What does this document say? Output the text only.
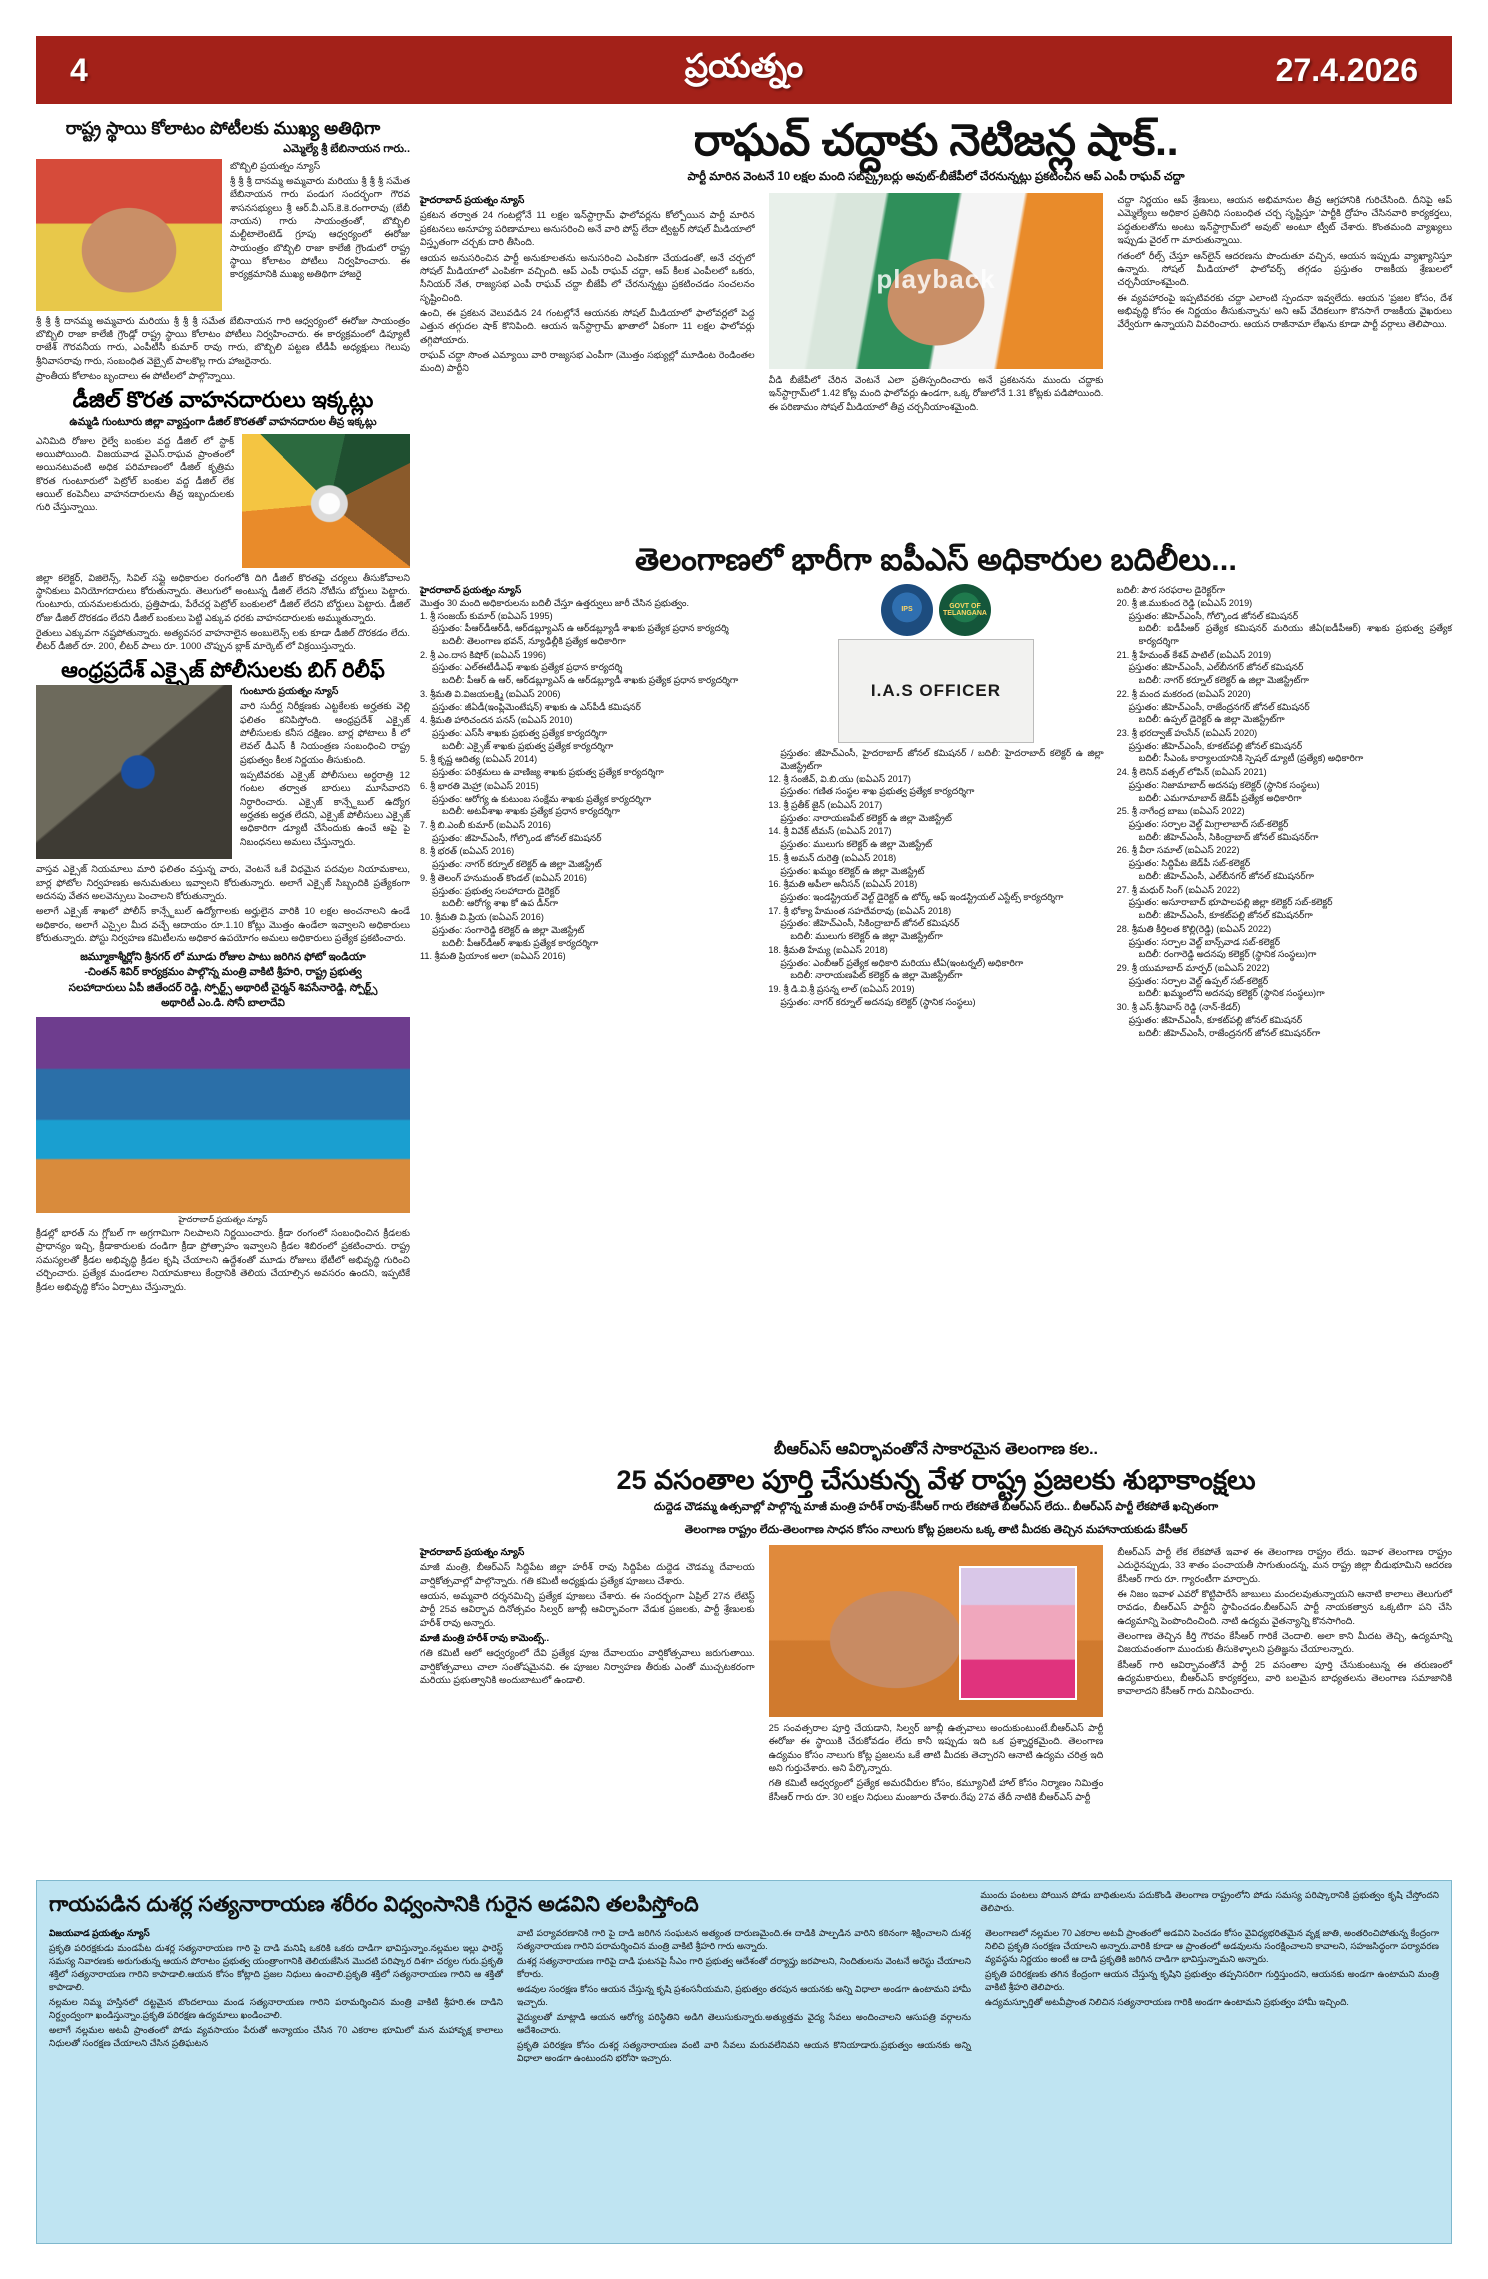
4	ప్రయత్నం	27.4.2026
రాష్ట్ర స్థాయి కోలాటం పోటీలకు ముఖ్య అతిథిగా
ఎమ్మెల్యే శ్రీ బేబినాయన గారు..

బొబ్బిలి ప్రయత్నం న్యూస్

శ్రీ శ్రీ శ్రీ దానమ్మ అమ్మవారు మరియు శ్రీ శ్రీ శ్రీ సమేత బేబినాయన గారు పండుగ సందర్భంగా గౌరవ శాసనసభ్యులు శ్రీ ఆర్.వీ.ఎస్.కె.కె.రంగారావు (బేబీ నాయన) గారు సాయంత్రంతో, బొబ్బిలి మల్టీటాలెంటెడ్ గ్రూపు ఆధ్వర్యంలో ఈరోజు సాయంత్రం బొబ్బిలి రాజా కాలేజీ గ్రౌండులో రాష్ట్ర స్థాయి కోలాటం పోటీలు నిర్వహించారు. ఈ కార్యక్రమానికి ముఖ్య అతిథిగా హాజరై

శ్రీ శ్రీ శ్రీ దానమ్మ అమ్మవారు మరియు శ్రీ శ్రీ శ్రీ సమేత బేబినాయన గారి ఆధ్వర్యంలో ఈరోజు సాయంత్రం బొబ్బిలి రాజా కాలేజీ గ్రౌండ్లో రాష్ట్ర స్థాయి కోలాటం పోటీలు నిర్వహించారు. ఈ కార్యక్రమంలో డిప్యూటీ రాజేశ్ గౌరవనీయ గారు, ఎంపీటీసీ కుమార్ రావు గారు, బొబ్బిలి పట్టణ టీడీపీ అధ్యక్షులు గెలుపు శ్రీనివాసరావు గారు, సంబంధిత వెబ్సైట్ పాలకొల్ల గారు హాజరైనారు.

ప్రాంతీయ కోలాటం బృందాలు ఈ పోటీలలో పాల్గొన్నాయి.

డీజిల్ కొరత వాహనదారులు ఇక్కట్లు
ఉమ్మడి గుంటూరు జిల్లా వ్యాప్తంగా డీజిల్ కొరతతో వాహనదారుల తీవ్ర ఇక్కట్లు

ఎనిమిది రోజుల రైల్వే బంకుల వద్ద డీజిల్ లో స్టాక్ అయిపోయింది. విజయవాడ వైఎస్.రాఘవ ప్రాంతంలో అయినటువంటి అధిక పరిమాణంలో డీజిల్ కృత్రిమ కొరత గుంటూరులో పెట్రోల్ బంకుల వద్ద డీజిల్ లేక ఆయిల్ కంపెనీలు వాహనదారులను తీవ్ర ఇబ్బందులకు గురి చేస్తున్నాయి.

జిల్లా కలెక్టర్, విజిలెన్స్, సివిల్ సప్లై అధికారుల రంగంలోకి దిగి డీజిల్ కొరతపై చర్యలు తీసుకోవాలని స్థానికులు వినియోగదారులు కోరుతున్నారు. తెలుగులో అంటున్న డీజిల్ లేదని నోటీసు బోర్డులు పెట్టారు. గుంటూరు, యనమలకుదురు, ప్రత్తిపాడు, పేరేచర్ల పెట్రోల్ బంకులలో డీజిల్ లేదని బోర్డులు పెట్టారు. డీజిల్ రోజు డీజిల్ దొరకడం లేదని డీజిల్ బంకులు పెట్టి ఎక్కువ ధరకు వాహనదారులకు అమ్ముతున్నారు.

రైతులు ఎక్కువగా నష్టపోతున్నారు. అత్యవసర వాహనాలైన అంబులెన్స్ లకు కూడా డీజిల్ దొరకడం లేదు. లీటర్ డీజిల్ రూ. 200, లీటర్ పాలు రూ. 1000 చొప్పున బ్లాక్ మార్కెట్ లో విక్రయిస్తున్నారు.

ఆంధ్రప్రదేశ్ ఎక్సైజ్ పోలీసులకు బిగ్ రిలీఫ్
గుంటూరు ప్రయత్నం న్యూస్

వారి సుదీర్ఘ నిరీక్షణకు ఎట్టకేలకు అర్హతకు వెల్లి ఫలితం కనిపిస్తోంది. ఆంధ్రప్రదేశ్ ఎక్సైజ్ పోలీసులకు కనీస దక్షిణం. బార్ల ఫోటాలు కీ లో లెవల్ డీఎస్ కీ నియంత్రణ సంబంధించి రాష్ట్ర ప్రభుత్వం కీలక నిర్ణయం తీసుకుంది.

ఇప్పటివరకు ఎక్సైజ్ పోలీసులు అర్ధరాత్రి 12 గంటల తర్వాత బారులు మూసేవారని నిర్ధారించారు. ఎక్సైజ్ కాన్స్టేబుల్ ఉద్యోగ అర్హతకు అర్హత లేదని, ఎక్సైజ్ పోలీసులు ఎక్సైజ్ అధికారిగా డ్యూటీ చేసేందుకు ఉంచే ఆపై పై నిబంధనలు అమలు చేస్తున్నారు.

వాస్తవ ఎక్సైజ్ నియమాలు మారి ఫలితం వస్తున్న వారు, వెంటనే ఒకే విధమైన పదవుల నియామకాలు, బార్ల ఫోటోల నిర్వహణకు అనుమతులు ఇవ్వాలని కోరుతున్నారు. అలాగే ఎక్సైజ్ సిబ్బందికి ప్రత్యేకంగా అదనపు వేతన అలవెన్సులు పెంచాలని కోరుతున్నారు.

అలాగే ఎక్సైజ్ శాఖలో పోలీస్ కాన్స్టేబుల్ ఉద్యోగాలకు అర్హులైన వారికి 10 లక్షల అంచనాలని ఉండే అధికారం, అలాగే ఎస్సైల మీద వచ్చే ఆదాయం రూ.1.10 కోట్లు మొత్తం ఉండేలా ఇవ్వాలని అధికారులు కోరుతున్నారు. పోస్టు నిర్వహణ కమిటీలను అధికార ఉపయోగం అమలు అధికారులు ప్రత్యేక ప్రకటించారు.

జమ్మూకాశ్మీర్లోని శ్రీనగర్ లో మూడు రోజుల పాటు జరిగిన ఫోటో ఇండియా
-చింతన్ శివిర్ కార్యక్రమం పాల్గొన్న మంత్రి వాకిటి శ్రీహరి, రాష్ట్ర ప్రభుత్వ
సలహాదారులు ఏపీ జితేందర్ రెడ్డి, స్పోర్ట్స్ అథారిటీ చైర్మన్ శివసేనారెడ్డి, స్పోర్ట్స్
అథారిటీ ఎం.డి. సోనీ బాలాదేవి
హైదరాబాద్ ప్రయత్నం న్యూస్

క్రీడల్లో భారత్ ను గ్లోబల్ గా అగ్రగామిగా నిలపాలని నిర్ణయించారు. క్రీడా రంగంలో సంబంధించిన క్రీడలకు ప్రాధాన్యం ఇచ్చి, క్రీడాకారులకు దండిగా క్రీడా ప్రోత్సాహం ఇవ్వాలని క్రీడల శిబిరంలో ప్రకటించారు. రాష్ట్ర సమస్యలతో క్రీడల అభివృద్ధి క్రీడల కృషి చేయాలని ఉద్దేశంతో మూడు రోజులు భేటీలో అభివృద్ధి గురించి చర్చించారు. ప్రత్యేక మండలాల నియామకాలు కేంద్రానికి తెలియ చేయాల్సిన అవసరం ఉందని, ఇప్పటికే క్రీడల అభివృద్ధి కోసం ఏర్పాటు చేస్తున్నారు.

రాఘవ్ చద్దాకు నెటిజన్ల షాక్..
పార్టీ మారిన వెంటనే 10 లక్షల మంది సబ్‌స్క్రైబర్లు అవుట్-బీజేపీలో చేరనున్నట్లు ప్రకటించిన ఆప్ ఎంపీ రాఘవ్ చద్దా

హైదరాబాద్ ప్రయత్నం న్యూస్

ప్రకటన తర్వాత 24 గంటల్లోనే 11 లక్షల ఇన్‌స్టాగ్రామ్ ఫాలోవర్లను కోల్పోయిన పార్టీ మారిన ప్రకటనలు అనూహ్య పరిణామాలు అనుసరించి అనే వారి పోస్ట్ లేదా ట్విట్టర్ సోషల్ మీడియాలో విస్తృతంగా చర్చకు దారి తీసింది.

ఆయన అనుసరించిన పార్టీ అనుకూలతను అనుసరించి ఎంపికగా చేయడంతో, అనే చర్చలో సోషల్ మీడియాలో ఎంపికగా వచ్చింది. ఆప్ ఎంపీ రాఘవ్ చద్దా, ఆప్ కీలక ఎంపీలలో ఒకరు, సీనియర్ నేత, రాజ్యసభ ఎంపీ రాఘవ్ చద్దా బీజేపీ లో చేరనున్నట్టు ప్రకటించడం సంచలనం సృష్టించింది.

ఉంచి, ఈ ప్రకటన వెలువడిన 24 గంటల్లోనే ఆయనకు సోషల్ మీడియాలో ఫాలోవర్లలో పెద్ద ఎత్తున తగ్గుదల షాక్ కొనిపింది. ఆయన ఇన్‌స్టాగ్రామ్ ఖాతాలో ఏకంగా 11 లక్షల ఫాలోవర్లు తగ్గిపోయారు.

రాఘవ్ చద్దా సొంత ఎమ్యాయి వారి రాజ్యసభ ఎంపీగా (మొత్తం సభ్యుల్లో మూడింట రెండింతల మంది) పార్టీని

playback

వీడి బీజేపీలో చేరిన వెంటనే ఎలా ప్రతిస్పందించారు అనే ప్రకటనను ముందు చద్దాకు ఇన్‌స్టాగ్రామ్‌లో 1.42 కోట్ల మంది ఫాలోవర్లు ఉండగా, ఒక్క రోజులోనే 1.31 కోట్లకు పడిపోయింది. ఈ పరిణామం సోషల్ మీడియాలో తీవ్ర చర్చనీయాంశమైంది.

చద్దా నిర్ణయం ఆప్ శ్రేణులు, ఆయన అభిమానుల తీవ్ర ఆగ్రహానికి గురిచేసింది. దీనిపై ఆప్ ఎమ్మెల్యేలు అధికార ప్రతినిధి సంబంధిత చర్చ సృష్టిస్తూ 'పార్టీకి ద్రోహం చేసినవారి కార్యకర్తలు, పద్ధతులతోను అంటు ఇన్‌స్టాగ్రామ్‌లో అవుట్' అంటూ ట్వీట్ చేశారు. కొంతమంది వ్యాఖ్యలు ఇప్పుడు వైరల్ గా మారుతున్నాయి.

గతంలో రీల్స్ చేస్తూ ఆన్‌లైన్ ఆదరణను పొందుతూ వచ్చిన, ఆయన ఇప్పుడు వ్యాఖ్యానిస్తూ ఉన్నారు. సోషల్ మీడియాలో ఫాలోవర్స్ తగ్గడం ప్రస్తుతం రాజకీయ శ్రేణులలో చర్చనీయాంశమైంది.

ఈ వ్యవహారంపై ఇప్పటివరకు చద్దా ఎలాంటి స్పందనా ఇవ్వలేదు. ఆయన 'ప్రజల కోసం, దేశ అభివృద్ధి కోసం ఈ నిర్ణయం తీసుకున్నాను' అని ఆప్ వేదికలుగా కొనసాగే రాజకీయ వైఖరులు వేర్వేరుగా ఉన్నాయని వివరించారు. ఆయన రాజీనామా లేఖను కూడా పార్టీ వర్గాలు తెలిపాయి.

తెలంగాణలో భారీగా ఐపీఎస్ అధికారుల బదిలీలు...
హైదరాబాద్ ప్రయత్నం న్యూస్
మొత్తం 30 మంది అధికారులను బదిలీ చేస్తూ ఉత్తర్వులు జారీ చేసిన ప్రభుత్వం.
1. శ్రీ సంజయ్ కుమార్ (ఐఏఎస్ 1995)
ప్రస్తుతం: పీఆర్‌డీఆర్‌డీ, ఆర్‌డబ్ల్యూఎస్ ఉ ఆర్‌డబ్ల్యూడీ శాఖకు ప్రత్యేక ప్రధాన కార్యదర్శి
బదిలీ: తెలంగాణ భవన్, న్యూఢిల్లీకి ప్రత్యేక అధికారిగా
2. శ్రీ ఎం.దాస కిషోర్ (ఐఏఎస్ 1996)
ప్రస్తుతం: ఎల్‌ఈటీడీఎఫ్ శాఖకు ప్రత్యేక ప్రధాన కార్యదర్శి
బదిలీ: పీఆర్ ఉ ఆర్, ఆర్‌డబ్ల్యూఎస్ ఉ ఆర్‌డబ్ల్యూడీ శాఖకు ప్రత్యేక ప్రధాన కార్యదర్శిగా
3. శ్రీమతి వి.విజయలక్ష్మి (ఐఏఎస్ 2006)
ప్రస్తుతం: జీఏడీ(ఇంప్లిమెంటేషన్) శాఖకు ఉ ఎస్‌పీడీ కమిషనర్
4. శ్రీమతి హారిచందన పనస్ (ఐఏఎస్ 2010)
ప్రస్తుతం: ఎస్‌సీ శాఖకు ప్రభుత్వ ప్రత్యేక కార్యదర్శిగా
బదిలీ: ఎక్సైజ్ శాఖకు ప్రభుత్వ ప్రత్యేక కార్యదర్శిగా
5. శ్రీ కృష్ణ ఆదిత్య (ఐఏఎస్ 2014)
ప్రస్తుతం: పరిశ్రమలు ఉ వాణిజ్య శాఖకు ప్రభుత్వ ప్రత్యేక కార్యదర్శిగా
6. శ్రీ భారతి మెహ్రా (ఐఏఎస్ 2015)
ప్రస్తుతం: ఆరోగ్య ఉ కుటుంబ సంక్షేమ శాఖకు ప్రత్యేక కార్యదర్శిగా
బదిలీ: అటవీశాఖ శాఖకు ప్రత్యేక ప్రధాన కార్యదర్శిగా
7. శ్రీ బి.ఎంబీ కుమార్ (ఐఏఎస్ 2016)
ప్రస్తుతం: జీహెచ్‌ఎంసీ, గోల్కొండ జోనల్ కమిషనర్
8. శ్రీ భరత్ (ఐఏఎస్ 2016)
ప్రస్తుతం: నాగర్ కర్నూల్ కలెక్టర్ ఉ జిల్లా మెజిస్ట్రేట్
9. శ్రీ తెలంగ్ హనుమంత్ కొండల్ (ఐఏఎస్ 2016)
ప్రస్తుతం: ప్రభుత్వ సలహాదారు డైరెక్టర్
బదిలీ: ఆరోగ్య శాఖ కో ఉప డీన్‌గా
10. శ్రీమతి వి.ప్రియ (ఐఏఎస్ 2016)
ప్రస్తుతం: సంగారెడ్డి కలెక్టర్ ఉ జిల్లా మెజిస్ట్రేట్
బదిలీ: పీఆర్‌డీఆర్ శాఖకు ప్రత్యేక కార్యదర్శిగా
11. శ్రీమతి ప్రియాంక అలా (ఐఏఎస్ 2016)
IPS
GOVT OF TELANGANA
I.A.S OFFICER
ప్రస్తుతం: జీహెచ్‌ఎంసీ, హైదరాబాద్ జోనల్ కమిషనర్ / బదిలీ: హైదరాబాద్ కలెక్టర్ ఉ జిల్లా మెజిస్ట్రేట్‌గా
12. శ్రీ సంజీవ్, వి.బి.యు (ఐఏఎస్ 2017)
ప్రస్తుతం: గణిత సంస్థల శాఖ ప్రభుత్వ ప్రత్యేక కార్యదర్శిగా
13. శ్రీ ప్రతీక్ జైన్ (ఐఏఎస్ 2017)
ప్రస్తుతం: నారాయణపేట్ కలెక్టర్ ఉ జిల్లా మెజిస్ట్రేట్
14. శ్రీ వివేక్ టీమస్ (ఐఏఎస్ 2017)
ప్రస్తుతం: ములుగు కలెక్టర్ ఉ జిల్లా మెజిస్ట్రేట్
15. శ్రీ అమన్ దురెత్తి (ఐఏఎస్ 2018)
ప్రస్తుతం: ఖమ్మం కలెక్టర్ ఉ జిల్లా మెజిస్ట్రేట్
16. శ్రీమతి అపీలా అనీసన్ (ఐఏఎస్ 2018)
ప్రస్తుతం: ఇండస్ట్రియల్ వెల్ట్ డైరెక్టర్ ఉ టోర్క్ ఆఫ్ ఇండస్ట్రియల్ ఎస్టేట్స్ కార్యదర్శిగా
17. శ్రీ భోక్యా హేమంత సహదేవరావు (ఐఏఎస్ 2018)
ప్రస్తుతం: జీహెచ్‌ఎంసీ, సికింద్రాబాద్ జోనల్ కమిషనర్
బదిలీ: ములుగు కలెక్టర్ ఉ జిల్లా మెజిస్ట్రేట్‌గా
18. శ్రీమతి హేమ్య (ఐఏఎస్ 2018)
ప్రస్తుతం: ఎంబీఆర్ ప్రత్యేక అధికారి మరియు టీఏ(ఇంటర్నల్) అధికారిగా
బదిలీ: నారాయణపేట్ కలెక్టర్ ఉ జిల్లా మెజిస్ట్రేట్‌గా
19. శ్రీ డి.వి.శ్రీ ప్రసన్న లాల్ (ఐఏఎస్ 2019)
ప్రస్తుతం: నాగర్ కర్నూల్ అదనపు కలెక్టర్ (స్థానిక సంస్థలు)
బదిలీ: పౌర సరఫరాల డైరెక్టర్‌గా
20. శ్రీ జి.ముకుంద రెడ్డి (ఐఏఎస్ 2019)
ప్రస్తుతం: జీహెచ్‌ఎంసీ, గోల్కొండ జోనల్ కమిషనర్
బదిలీ: ఐడీపీఆర్ ప్రత్యేక కమిషనర్ మరియు జీఏ(ఐడీపీఆర్) శాఖకు ప్రభుత్వ ప్రత్యేక కార్యదర్శిగా
21. శ్రీ హేమంత్ కేశవ్ పాటిల్ (ఐఏఎస్ 2019)
ప్రస్తుతం: జీహెచ్‌ఎంసీ, ఎల్‌బీనగర్ జోనల్ కమిషనర్
బదిలీ: నాగర్ కర్నూల్ కలెక్టర్ ఉ జిల్లా మెజిస్ట్రేట్‌గా
22. శ్రీ మంద మకరంద (ఐఏఎస్ 2020)
ప్రస్తుతం: జీహెచ్‌ఎంసీ, రాజేంద్రనగర్ జోనల్ కమిషనర్
బదిలీ: ఉప్పల్ డైరెక్టర్ ఉ జిల్లా మెజిస్ట్రేట్‌గా
23. శ్రీ భరద్వాజ్ హుసేన్ (ఐఏఎస్ 2020)
ప్రస్తుతం: జీహెచ్‌ఎంసీ, కూకట్‌పల్లి జోనల్ కమిషనర్
బదిలీ: సీఎంఓ కార్యాలయానికి స్పెషల్ డ్యూటీ (ప్రత్యేక) అధికారిగా
24. శ్రీ లెనిన్ వత్సల్ లోపిన్ (ఐఏఎస్ 2021)
ప్రస్తుతం: నిజామాబాద్ అదనపు కలెక్టర్ (స్థానిక సంస్థలు)
బదిలీ: ఎమగామాబాద్ జెడ్‌పీ ప్రత్యేక అధికారిగా
25. శ్రీ నాగేంద్ర బాబు (ఐఏఎస్ 2022)
ప్రస్తుతం: సర్పాల వెల్ట్ మిగ్రాలాబాద్ సబ్-కలెక్టర్
బదిలీ: జీహెచ్‌ఎంసీ, సికింద్రాబాద్ జోనల్ కమిషనర్‌గా
26. శ్రీ వీరా సమాల్ (ఐఏఎస్ 2022)
ప్రస్తుతం: సిద్దిపేట జెడ్‌పీ సబ్-కలెక్టర్
బదిలీ: జీహెచ్‌ఎంసీ, ఎల్‌బీనగర్ జోనల్ కమిషనర్‌గా
27. శ్రీ మధుర్ సింగ్ (ఐఏఎస్ 2022)
ప్రస్తుతం: అసూరాబాద్ భూపాలపల్లి జిల్లా కలెక్టర్ సబ్-కలెక్టర్
బదిలీ: జీహెచ్‌ఎంసీ, కూకట్‌పల్లి జోనల్ కమిషనర్‌గా
28. శ్రీమతి కీర్తిలత కొల్లి(రెడ్డి) (ఐఏఎస్ 2022)
ప్రస్తుతం: సర్పాల వెల్ట్ బాన్స్‌వాడ సబ్-కలెక్టర్
బదిలీ: రంగారెడ్డి అదనపు కలెక్టర్ (స్థానిక సంస్థలు)గా
29. శ్రీ యుమాబాద్ మార్ఫర్ (ఐఏఎస్ 2022)
ప్రస్తుతం: సర్పాల వెల్ట్ ఉప్పల్ సబ్-కలెక్టర్
బదిలీ: ఖమ్మంలోని అదనపు కలెక్టర్ (స్థానిక సంస్థలు)గా
30. శ్రీ ఎస్.శ్రీనివాస్ రెడ్డి (నాన్-కేడర్)
ప్రస్తుతం: జీహెచ్‌ఎంసీ, కూకట్‌పల్లి జోనల్ కమిషనర్
బదిలీ: జీహెచ్‌ఎంసీ, రాజేంద్రనగర్ జోనల్ కమిషనర్‌గా
బీఆర్ఎస్ ఆవిర్భావంతోనే సాకారమైన తెలంగాణ కల..
25 వసంతాల పూర్తి చేసుకున్న వేళ రాష్ట్ర ప్రజలకు శుభాకాంక్షలు
దుద్దెడ చౌడమ్మ ఉత్సవాల్లో పాల్గొన్న మాజీ మంత్రి హరీశ్ రావు-కేసీఆర్ గారు లేకపోతే బీఆర్ఎస్ లేదు.. బీఆర్ఎస్ పార్టీ లేకపోతే ఖచ్చితంగా
తెలంగాణ రాష్ట్రం లేదు-తెలంగాణ సాధన కోసం నాలుగు కోట్ల ప్రజలను ఒక్క తాటి మీదకు తెచ్చిన మహానాయకుడు కేసీఆర్

హైదరాబాద్ ప్రయత్నం న్యూస్

మాజీ మంత్రి, బీఆర్ఎస్ సిద్దిపేట జిల్లా హరీశ్ రావు సిద్దిపేట దుద్దెడ చౌడమ్మ దేవాలయ వార్షికోత్సవాల్లో పాల్గొన్నారు. గతి కమిటీ అధ్యక్షుడు ప్రత్యేక పూజలు చేశారు.

ఆయన, అమ్మవారి దర్శనమిచ్చి ప్రత్యేక పూజలు చేశారు. ఈ సందర్భంగా ఏప్రిల్ 27న లేటెస్ట్ పార్టీ 25వ ఆవిర్భావ దినోత్సవం సిల్వర్ జూబ్లీ ఆవిర్భావంగా వేడుక ప్రజలకు, పార్టీ శ్రేణులకు హరీశ్ రావు అన్నారు.

మాజీ మంత్రి హరీశ్ రావు కామెంట్స్..

గతి కమిటీ ఆలో ఆధ్వర్యంలో దేవి ప్రత్యేక పూజ దేవాలయం వార్షికోత్సవాలు జరుగుతాయి. వార్షికోత్సవాలు చాలా సంతోషమైనవి. ఈ పూజల నిర్వాహణ తీరుకు ఎంతో ముచ్చటకరంగా మరియు ప్రభుత్వానికి అందుబాటులో ఉండాలి.

25 సంవత్సరాల పూర్తి చేయడాని, సిల్వర్ జూబ్లీ ఉత్సవాలు అందుకుంటుంటే.బీఆర్ఎస్ పార్టీ ఈరోజు ఈ స్థాయికి చేరుకోవడం లేదు కానీ ఇప్పుడు ఇది ఒక ప్రశ్నార్థకమైంది. తెలంగాణ ఉద్యమం కోసం నాలుగు కోట్ల ప్రజలను ఒకే తాటి మీదకు తెచ్చారని ఆనాటి ఉద్యమ చరిత్ర ఇది అని గుర్తుచేశారు. అని పేర్కొన్నారు.

గతి కమిటీ ఆధ్వర్యంలో ప్రత్యేక అమరవీరుల కోసం, కమ్యూనిటీ హాల్ కోసం నిర్మాణం నిమిత్తం కేసీఆర్ గారు రూ. 30 లక్షల నిధులు మంజూరు చేశారు.రేపు 27వ తేదీ నాటికి బీఆర్ఎస్ పార్టీ

బీఆర్ఎస్ పార్టీ లేక లేకపోతే ఇవాళ ఈ తెలంగాణ రాష్ట్రం లేదు. ఇవాళ తెలంగాణ రాష్ట్రం ఎదురైనప్పుడు, 33 శాతం పంచాయతీ సాగుతుందన్న, మన రాష్ట్ర జిల్లా బీడుభూమిని ఆదరణ కేసీఆర్ గారు రూ. గ్యారంటీగా మార్చారు.

ఈ నిజం ఇవాళ ఎవరో కొట్టిపారేసే జాబులు మందలవుతున్నాయని ఆనాటి కాలాలు తెలుగులో రావడం, బీఆర్ఎస్ పార్టీని స్థాపించడం.బీఆర్ఎస్ పార్టీ నాయకత్వాన ఒక్కటిగా పని చేసి ఉద్యమాన్ని పెంపొందించింది. నాటి ఉద్యమ వైతన్యాన్ని కొనసాగింది.

తెలంగాణ తెచ్చిన కీర్తి గౌరవం కేసీఆర్ గారికే చెందాలి. అలా కాని మీదట తెచ్చి, ఉద్యమాన్ని విజయవంతంగా ముందుకు తీసుకెళ్ళాలని ప్రతిజ్ఞను చేయాలన్నారు.

కేసీఆర్ గారి ఆవిర్భావంతోనే పార్టీ 25 వసంతాల పూర్తి చేసుకుంటున్న ఈ తరుణంలో ఉద్యమకారులు, బీఆర్ఎస్ కార్యకర్తలు, వారి బలమైన బాధ్యతలను తెలంగాణ సమాజానికి కావాలాదని కేసీఆర్ గారు వినిపించారు.

గాయపడిన దుశర్ల సత్యనారాయణ శరీరం విధ్వంసానికి గురైన అడవిని తలపిస్తోంది	ముందు పంటలు పోయిన పోడు బాధితులను పదుకొండి తెలంగాణ రాష్ట్రంలోని పోడు సమస్య పరిష్కారానికి ప్రభుత్వం కృషి చేస్తోందని తెలిపారు.

విజయవాడ ప్రయత్నం న్యూస్

ప్రకృతి పరిరక్షకుడు మండపేట దుశర్ల సత్యనారాయణ గారి పై దాడి మనిషి ఒకరికి ఒకరు దాడిగా భావిస్తున్నాం.నల్లమల ఇల్లు ఫారెస్ట్ సమస్య నివారణకు అరుగుతున్న ఆయన పోరాటం ప్రభుత్వ యంత్రాంగానికి తెలియజేసిన మొదటి పరిష్కార దిశగా చర్యల గురు.ప్రకృతి శక్తిలో సత్యనారాయణ గారిని కాపాడాలి.ఆయన కోసం కోట్లాది ప్రజల నిధులు ఉంచాలి.ప్రకృతి శక్తిలో సత్యనారాయణ గారిని ఆ శక్తితో కాపాడాలి.

నల్లమల నిమ్మ హస్తినలో దట్టమైన బొందలాయి మండ సత్యనారాయణ గారిని పరామర్శించిన మంత్రి వాకిటి శ్రీహరి.ఈ దాడిని నిర్ద్వంద్వంగా ఖండిస్తున్నాం.ప్రకృతి పరిరక్షణ ఉద్యమాలు ఖండించాలి.

అలాగే నల్లమల అటవీ ప్రాంతంలో పోడు వ్యవసాయం పేరుతో అన్యాయం చేసిన 70 ఎకరాల భూమిలో మన మహావృక్ష కాలాలు నిధులతో సంరక్షణ చేయాలని చేసిన ప్రతిఘటన

వాటి పర్యావరణానికి గారి పై దాడి జరిగిన సంఘటన అత్యంత దారుణమైంది.ఈ దాడికి పాల్పడిన వారిని కఠినంగా శిక్షించాలని దుశర్ల సత్యనారాయణ గారిని పరామర్శించిన మంత్రి వాకిటి శ్రీహరి గారు అన్నారు.

దుశర్ల సత్యనారాయణ గారిపై దాడి ఘటనపై సీఎం గారి ప్రభుత్వ ఆదేశంతో దర్యాప్తు జరపాలని, నిందితులను వెంటనే అరెస్టు చేయాలని కోరారు.

అడవుల సంరక్షణ కోసం ఆయన చేస్తున్న కృషి ప్రశంసనీయమని, ప్రభుత్వం తరపున ఆయనకు అన్ని విధాలా అండగా ఉంటామని హామీ ఇచ్చారు.

వైద్యులతో మాట్లాడి ఆయన ఆరోగ్య పరిస్థితిని అడిగి తెలుసుకున్నారు.అత్యుత్తమ వైద్య సేవలు అందించాలని ఆసుపత్రి వర్గాలను ఆదేశించారు.

ప్రకృతి పరిరక్షణ కోసం దుశర్ల సత్యనారాయణ వంటి వారి సేవలు మరువలేనివని ఆయన కొనియాడారు.ప్రభుత్వం ఆయనకు అన్ని విధాలా అండగా ఉంటుందని భరోసా ఇచ్చారు.

తెలంగాణలో నల్లమల 70 ఎకరాల అటవీ ప్రాంతంలో అడవిని పెంచడం కోసం వైవిధ్యభరితమైన వృక్ష జాతి, అంతరించిపోతున్న కేంద్రంగా నిలిచి ప్రకృతి సంరక్షణ చేయాలని అన్నారు.వారికి కూడా ఆ ప్రాంతంలో అడవులను సంరక్షించాలని కావాలని, సహజసిద్ధంగా పర్యావరణ వ్యవస్థను నిర్ణయం అంటే ఆ దాడి ప్రకృతికి జరిగిన దాడిగా భావిస్తున్నామని అన్నారు.

ప్రకృతి పరిరక్షణకు తగిన కేంద్రంగా ఆయన చేస్తున్న కృషిని ప్రభుత్వం తప్పనిసరిగా గుర్తిస్తుందని, ఆయనకు అండగా ఉంటామని మంత్రి వాకిటి శ్రీహరి తెలిపారు.

ఉద్యమస్ఫూర్తితో అటవీప్రాంత నిలిచిన సత్యనారాయణ గారికి అండగా ఉంటామని ప్రభుత్వం హామీ ఇచ్చింది.
